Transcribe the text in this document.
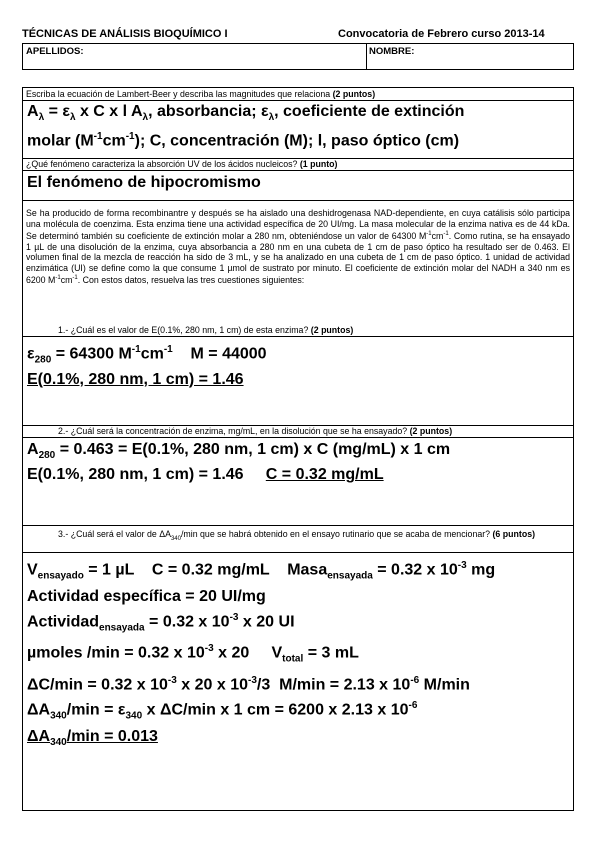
TÉCNICAS DE ANÁLISIS BIOQUÍMICO I	Convocatoria de Febrero curso 2013-14
APELLIDOS:	NOMBRE:
Escriba la ecuación de Lambert-Beer y describa las magnitudes que relaciona (2 puntos)
$A_\lambda = \varepsilon_\lambda$ x C x l $A_\lambda$, absorbancia; $\varepsilon_\lambda$, coeficiente de extinción
molar $(M^{-1}cm^{-1})$; C, concentración (M); l, paso óptico (cm)
¿Qué fenómeno caracteriza la absorción UV de los ácidos nucleicos? (1 punto)
El fenómeno de hipocromismo
Se ha producido de forma recombinantre y después se ha aislado una deshidrogenasa NAD-dependiente, en cuya catálisis sólo participa una molécula de coenzima. Esta enzima tiene una actividad específica de 20 UI/mg. La masa molecular de la enzima nativa es de 44 kDa. Se determinó también su coeficiente de extinción molar a 280 nm, obteniéndose un valor de 64300 $M^{-1}cm^{-1}$. Como rutina, se ha ensayado 1 µL de una disolución de la enzima, cuya absorbancia a 280 nm en una cubeta de 1 cm de paso óptico ha resultado ser de 0.463. El volumen final de la mezcla de reacción ha sido de 3 mL, y se ha analizado en una cubeta de 1 cm de paso óptico. 1 unidad de actividad enzimática (UI) se define como la que consume 1 µmol de sustrato por minuto. El coeficiente de extinción molar del NADH a 340 nm es 6200 $M^{-1}cm^{-1}$. Con estos datos, resuelva las tres cuestiones siguientes:
1.- ¿Cuál es el valor de E(0.1%, 280 nm, 1 cm) de esta enzima? (2 puntos)
$\varepsilon_{280} = 64300$ $M^{-1}cm^{-1}$    M = 44000
E(0.1%, 280 nm, 1 cm) = 1.46
2.- ¿Cuál será la concentración de enzima, mg/mL, en la disolución que se ha ensayado? (2 puntos)
$A_{280} = 0.463 = E(0.1\%$, 280 nm, 1 cm) x C (mg/mL) x 1 cm
E(0.1%, 280 nm, 1 cm) = 1.46     C = 0.32 mg/mL
3.- ¿Cuál será el valor de $\Delta A_{340}/\min$ que se habrá obtenido en el ensayo rutinario que se acaba de mencionar? (6 puntos)
$V_{ensayado} = 1$ µL    C = 0.32 mg/mL    Masa$_{ensayada}$ = 0.32 x $10^{-3}$ mg
Actividad específica = 20 UI/mg
Actividad$_{ensayada}$ = 0.32 x $10^{-3}$ x 20 UI
µmoles /min = 0.32 x $10^{-3}$ x 20     $V_{total} = 3$ mL
ΔC/min = 0.32 x $10^{-3}$ x 20 x $10^{-3}/3$  M/min = 2.13 x $10^{-6}$ M/min
$\Delta A_{340}/\min = \varepsilon_{340}$ x ΔC/min x 1 cm = 6200 x 2.13 x $10^{-6}$
$\Delta A_{340}/\min = 0.013$
